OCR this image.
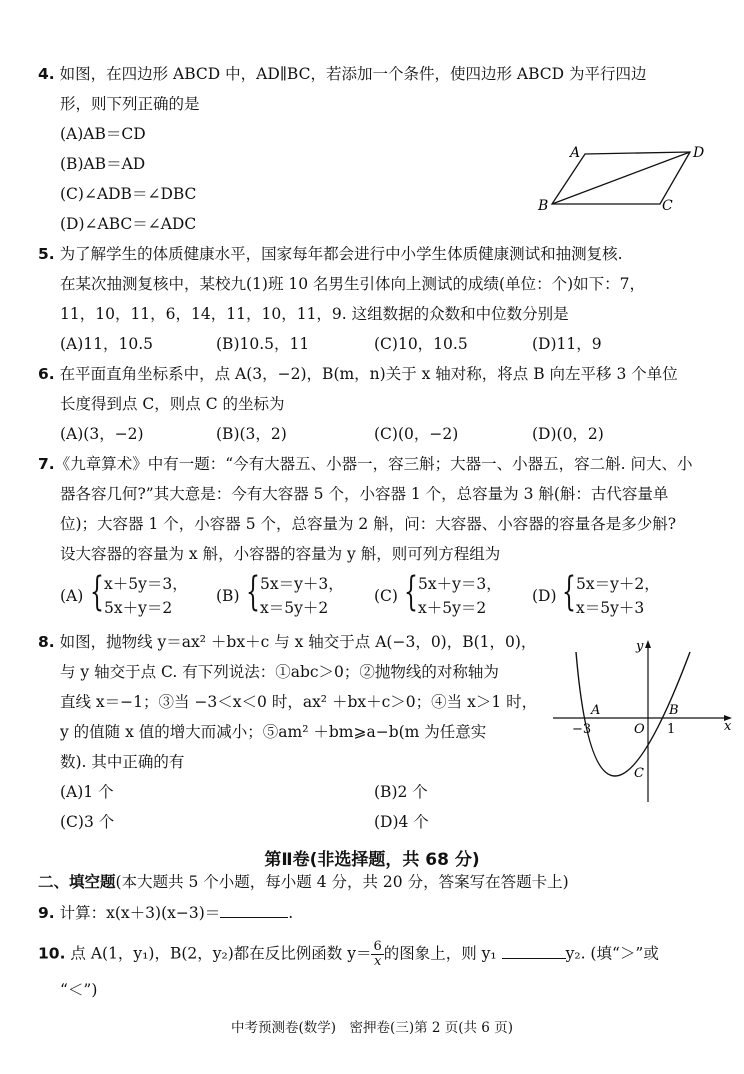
4. 如图，在四边形 ABCD 中，AD∥BC，若添加一个条件，使四边形 ABCD 为平行四边
形，则下列正确的是
(A)AB＝CD
(B)AB＝AD
(C)∠ADB＝∠DBC
(D)∠ABC＝∠ADC
A	D
B	C
5. 为了解学生的体质健康水平，国家每年都会进行中小学生体质健康测试和抽测复核.
在某次抽测复核中，某校九(1)班 10 名男生引体向上测试的成绩(单位：个)如下：7，
11，10，11，6，14，11，10，11，9. 这组数据的众数和中位数分别是
(A)11，10.5	(B)10.5，11	(C)10，10.5	(D)11，9
6. 在平面直角坐标系中，点 A(3，−2)，B(m，n)关于 x 轴对称，将点 B 向左平移 3 个单位
长度得到点 C，则点 C 的坐标为
(A)(3，−2)	(B)(3，2)	(C)(0，−2)	(D)(0，2)
7.《九章算术》中有一题：“今有大器五、小器一，容三斛；大器一、小器五，容二斛. 问大、小
器各容几何?”其大意是：今有大容器 5 个，小容器 1 个，总容量为 3 斛(斛：古代容量单
位)；大容器 1 个，小容器 5 个，总容量为 2 斛，问：大容器、小容器的容量各是多少斛?
设大容器的容量为 x 斛，小容器的容量为 y 斛，则可列方程组为
(A) { x＋5y＝3，
5x＋y＝2
(B) { 5x＝y＋3，
x＝5y＋2
(C) { 5x＋y＝3，
x＋5y＝2
(D) { 5x＝y＋2，
x＝5y＋3
8. 如图，抛物线 y＝ax² ＋bx＋c 与 x 轴交于点 A(−3，0)，B(1，0)，
与 y 轴交于点 C. 有下列说法：①abc＞0；②抛物线的对称轴为
直线 x＝−1；③当 −3＜x＜0 时，ax² ＋bx＋c＞0；④当 x＞1 时，
y 的值随 x 值的增大而减小；⑤am² ＋bm⩾a−b(m 为任意实
数). 其中正确的有
(A)1 个	(B)2 个
(C)3 个	(D)4 个
y
x
A	B
O
−3	1
C
第Ⅱ卷(非选择题，共 68 分)
二、填空题(本大题共 5 个小题，每小题 4 分，共 20 分，答案写在答题卡上)
9. 计算：x(x＋3)(x−3)＝	.
10. 点 A(1，y₁)，B(2，y₂)都在反比例函数 $y= \frac{6}{x}$ 的图象上，则 y₁	y₂. (填“＞”或
“＜”)
中考预测卷(数学)　密押卷(三)第 2 页(共 6 页)
